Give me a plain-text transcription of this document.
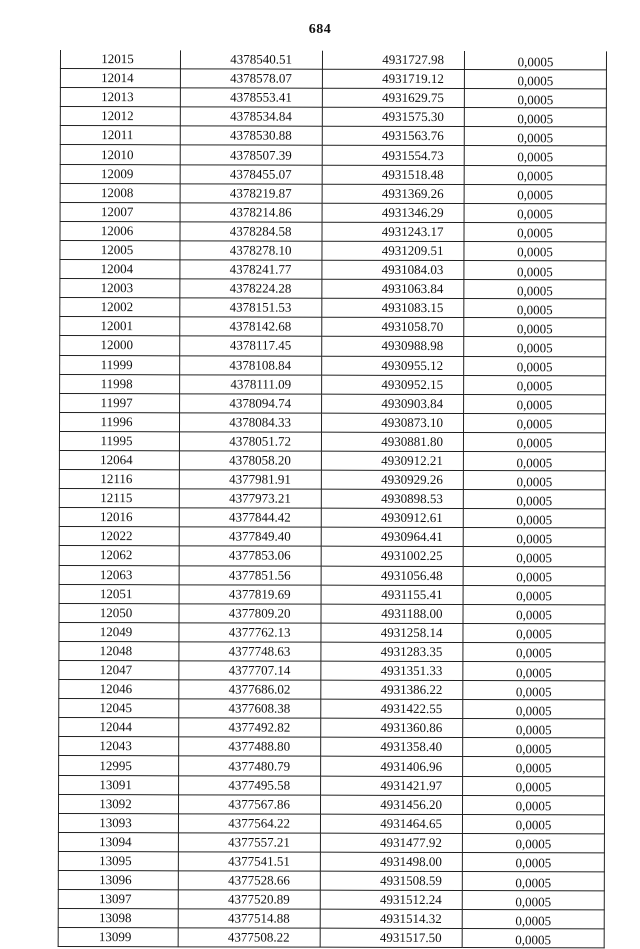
684
12015	4378540.51	4931727.98	0,0005
12014	4378578.07	4931719.12	0,0005
12013	4378553.41	4931629.75	0,0005
12012	4378534.84	4931575.30	0,0005
12011	4378530.88	4931563.76	0,0005
12010	4378507.39	4931554.73	0,0005
12009	4378455.07	4931518.48	0,0005
12008	4378219.87	4931369.26	0,0005
12007	4378214.86	4931346.29	0,0005
12006	4378284.58	4931243.17	0,0005
12005	4378278.10	4931209.51	0,0005
12004	4378241.77	4931084.03	0,0005
12003	4378224.28	4931063.84	0,0005
12002	4378151.53	4931083.15	0,0005
12001	4378142.68	4931058.70	0,0005
12000	4378117.45	4930988.98	0,0005
11999	4378108.84	4930955.12	0,0005
11998	4378111.09	4930952.15	0,0005
11997	4378094.74	4930903.84	0,0005
11996	4378084.33	4930873.10	0,0005
11995	4378051.72	4930881.80	0,0005
12064	4378058.20	4930912.21	0,0005
12116	4377981.91	4930929.26	0,0005
12115	4377973.21	4930898.53	0,0005
12016	4377844.42	4930912.61	0,0005
12022	4377849.40	4930964.41	0,0005
12062	4377853.06	4931002.25	0,0005
12063	4377851.56	4931056.48	0,0005
12051	4377819.69	4931155.41	0,0005
12050	4377809.20	4931188.00	0,0005
12049	4377762.13	4931258.14	0,0005
12048	4377748.63	4931283.35	0,0005
12047	4377707.14	4931351.33	0,0005
12046	4377686.02	4931386.22	0,0005
12045	4377608.38	4931422.55	0,0005
12044	4377492.82	4931360.86	0,0005
12043	4377488.80	4931358.40	0,0005
12995	4377480.79	4931406.96	0,0005
13091	4377495.58	4931421.97	0,0005
13092	4377567.86	4931456.20	0,0005
13093	4377564.22	4931464.65	0,0005
13094	4377557.21	4931477.92	0,0005
13095	4377541.51	4931498.00	0,0005
13096	4377528.66	4931508.59	0,0005
13097	4377520.89	4931512.24	0,0005
13098	4377514.88	4931514.32	0,0005
13099	4377508.22	4931517.50	0,0005
